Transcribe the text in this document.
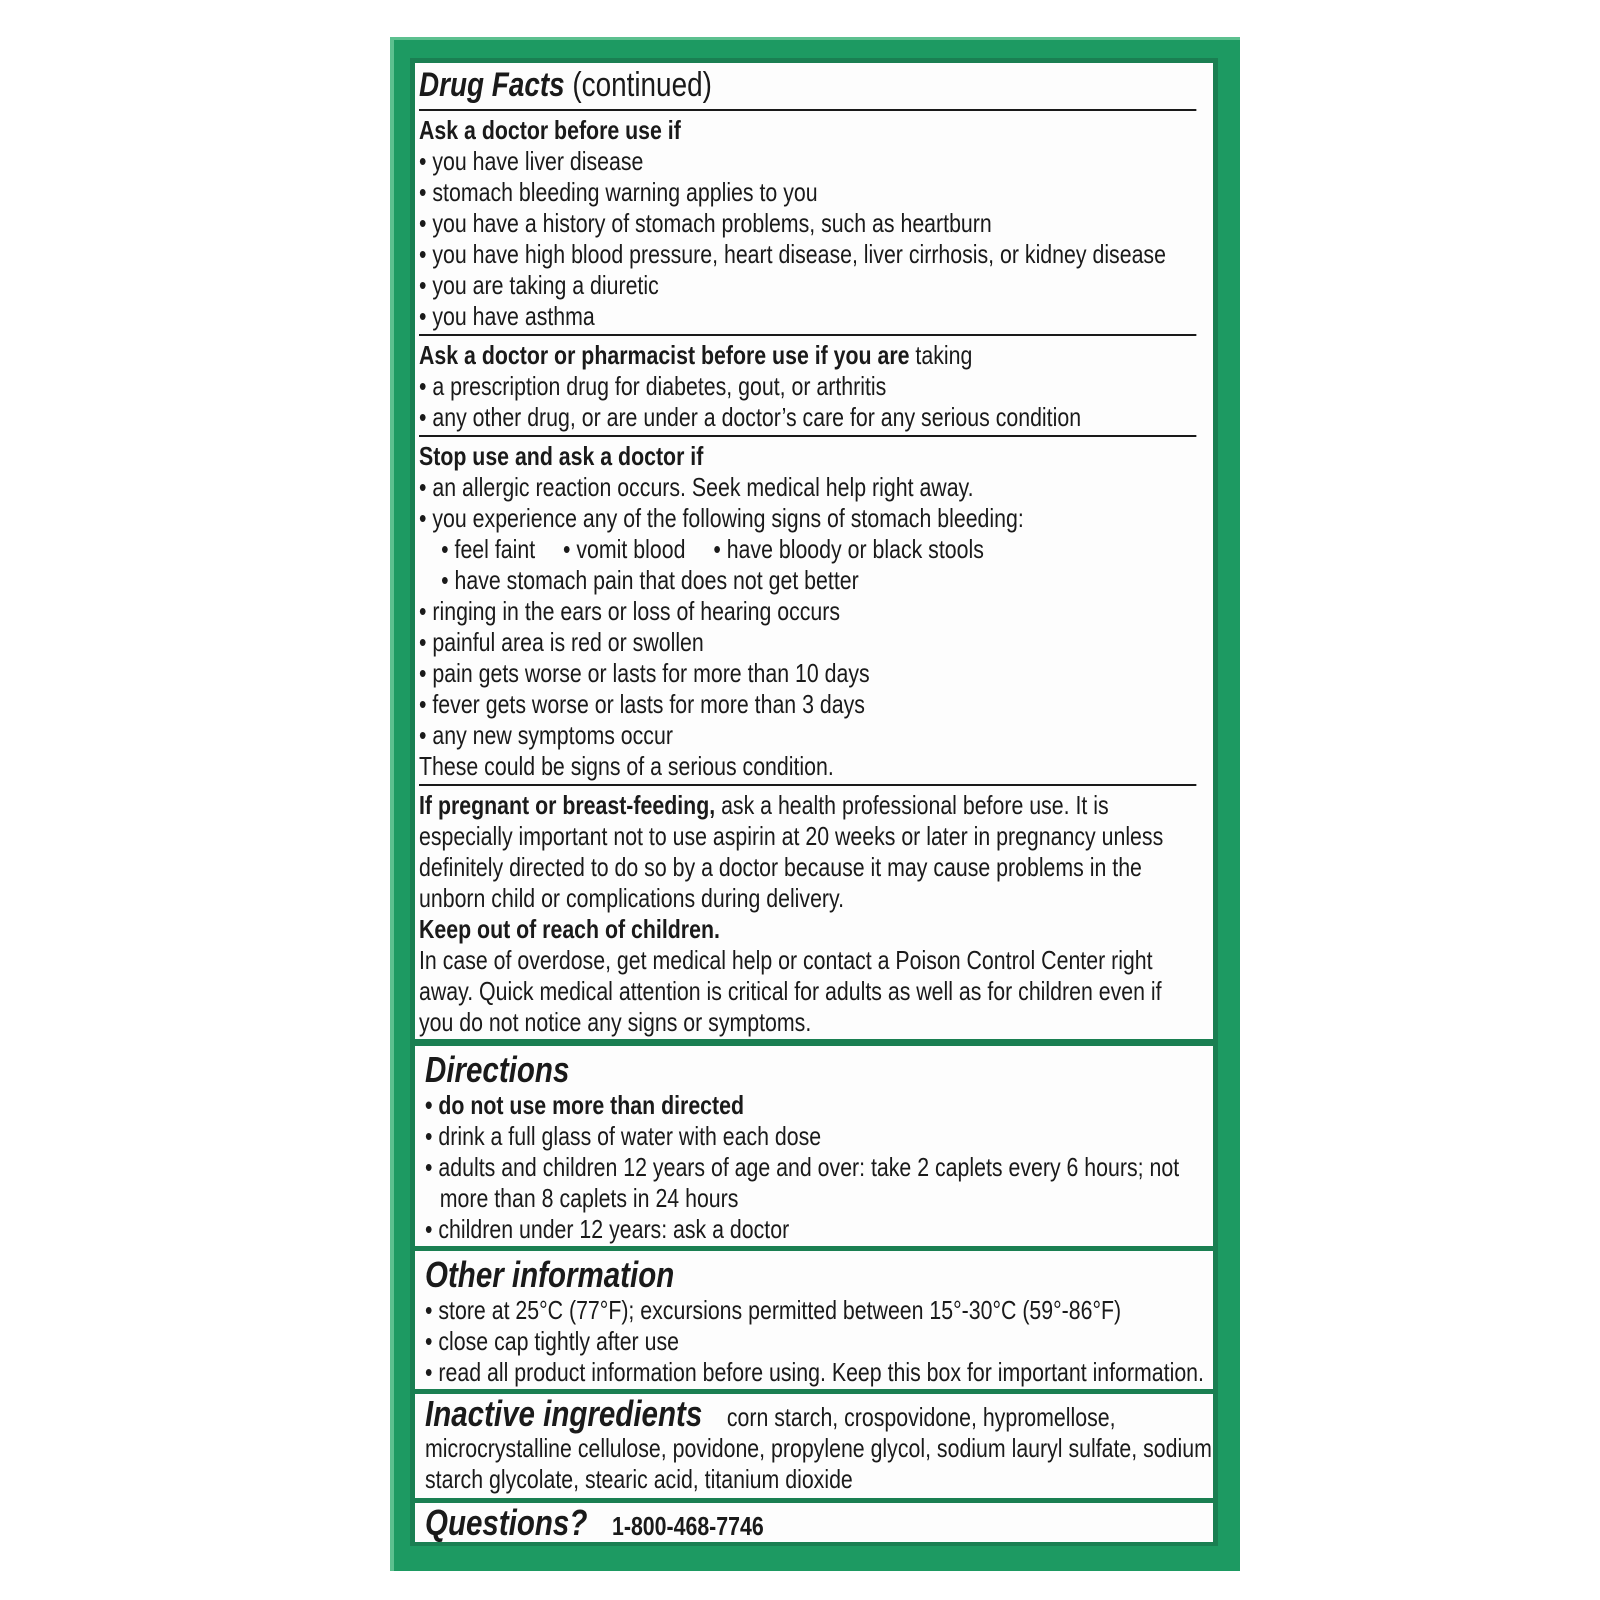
Drug Facts (continued)
Ask a doctor before use if
• you have liver disease
• stomach bleeding warning applies to you
• you have a history of stomach problems, such as heartburn
• you have high blood pressure, heart disease, liver cirrhosis, or kidney disease
• you are taking a diuretic
• you have asthma
Ask a doctor or pharmacist before use if you are taking
• a prescription drug for diabetes, gout, or arthritis
• any other drug, or are under a doctor’s care for any serious condition
Stop use and ask a doctor if
• an allergic reaction occurs. Seek medical help right away.
• you experience any of the following signs of stomach bleeding:
• feel faint • vomit blood • have bloody or black stools
• have stomach pain that does not get better
• ringing in the ears or loss of hearing occurs
• painful area is red or swollen
• pain gets worse or lasts for more than 10 days
• fever gets worse or lasts for more than 3 days
• any new symptoms occur
These could be signs of a serious condition.
If pregnant or breast-feeding, ask a health professional before use. It is especially important not to use aspirin at 20 weeks or later in pregnancy unless definitely directed to do so by a doctor because it may cause problems in the unborn child or complications during delivery.
Keep out of reach of children.
In case of overdose, get medical help or contact a Poison Control Center right away. Quick medical attention is critical for adults as well as for children even if you do not notice any signs or symptoms.
Directions
• do not use more than directed
• drink a full glass of water with each dose
• adults and children 12 years of age and over: take 2 caplets every 6 hours; not
more than 8 caplets in 24 hours
• children under 12 years: ask a doctor
Other information
• store at 25°C (77°F); excursions permitted between 15°-30°C (59°-86°F)
• close cap tightly after use
• read all product information before using. Keep this box for important information.
Inactive ingredients corn starch, crospovidone, hypromellose,
microcrystalline cellulose, povidone, propylene glycol, sodium lauryl sulfate, sodium
starch glycolate, stearic acid, titanium dioxide
Questions? 1-800-468-7746
